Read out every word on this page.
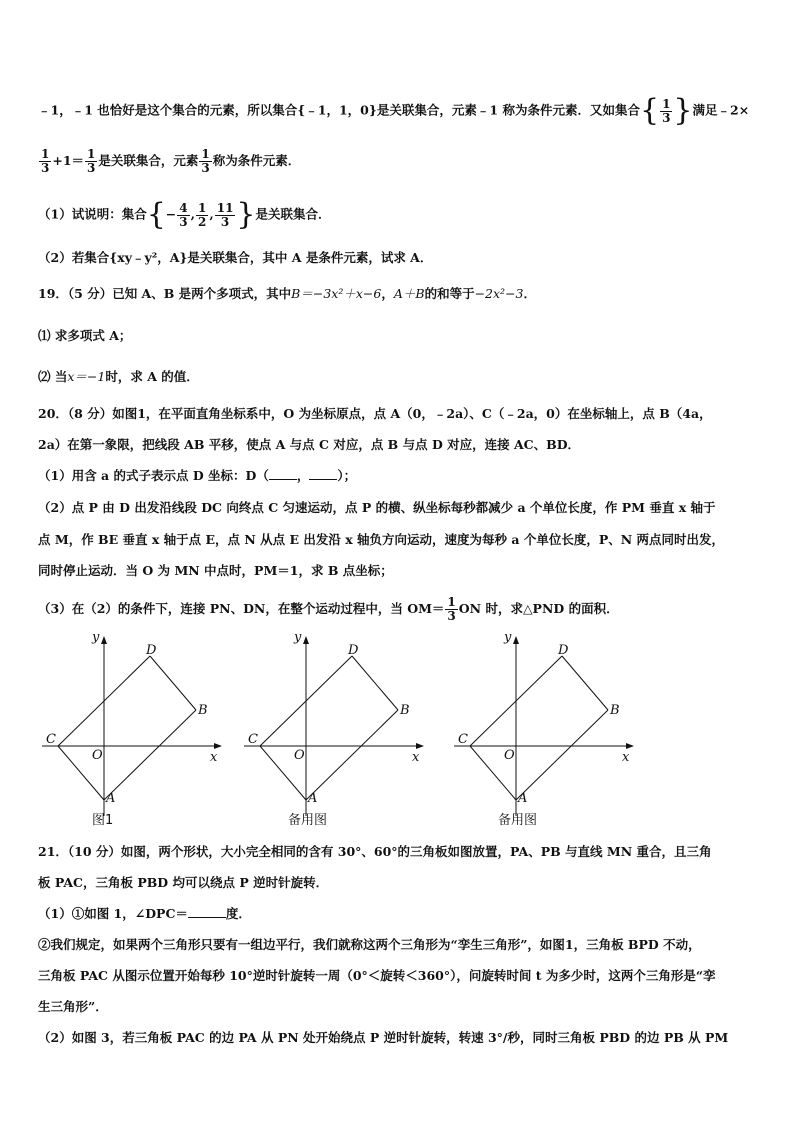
﹣1，﹣1 也恰好是这个集合的元素，所以集合{﹣1，1，0}是关联集合，元素﹣1 称为条件元素．又如集合{ $\frac{1}{3}$ }满足﹣2×
$\frac{1}{3} +1= \frac{1}{3}$ 是关联集合，元素 $\frac{1}{3}$ 称为条件元素．
（1）试说明：集合{− $\frac{4}{3}$ , $\frac{1}{2}$ , $\frac{11}{3}$ }是关联集合．
（2）若集合{xy﹣y²，A}是关联集合，其中 A 是条件元素，试求 A．
19．（5 分）已知 A、B 是两个多项式，其中B＝−3x²＋x−6，A＋B的和等于−2x²−3．
⑴ 求多项式 A；
⑵ 当x＝−1时，求 A 的值．
20．（8 分）如图1，在平面直角坐标系中，O 为坐标原点，点 A（0，﹣2a）、C（﹣2a，0）在坐标轴上，点 B（4a，
2a）在第一象限，把线段 AB 平移，使点 A 与点 C 对应，点 B 与点 D 对应，连接 AC、BD．
（1）用含 a 的式子表示点 D 坐标：D（ ， ）；
（2）点 P 由 D 出发沿线段 DC 向终点 C 匀速运动，点 P 的横、纵坐标每秒都减少 a 个单位长度，作 PM 垂直 x 轴于
点 M，作 BE 垂直 x 轴于点 E，点 N 从点 E 出发沿 x 轴负方向运动，速度为每秒 a 个单位长度，P、N 两点同时出发，
同时停止运动．当 O 为 MN 中点时，PM＝1，求 B 点坐标；
（3）在（2）的条件下，连接 PN、DN，在整个运动过程中，当 $OM= \frac{1}{3}$ ON 时，求△PND 的面积．
y
x
O
C
D
B
A
图1
y
x
O
C
D
B
A
备用图
y
x
O
C
D
B
A
备用图
21．（10 分）如图，两个形状，大小完全相同的含有 30°、60°的三角板如图放置，PA、PB 与直线 MN 重合，且三角
板 PAC，三角板 PBD 均可以绕点 P 逆时针旋转．
（1）①如图 1，∠DPC＝	度．
②我们规定，如果两个三角形只要有一组边平行，我们就称这两个三角形为“孪生三角形”，如图1，三角板 BPD 不动，
三角板 PAC 从图示位置开始每秒 10°逆时针旋转一周（0°＜旋转＜360°），问旋转时间 t 为多少时，这两个三角形是“孪
生三角形”．
（2）如图 3，若三角板 PAC 的边 PA 从 PN 处开始绕点 P 逆时针旋转，转速 3°/秒，同时三角板 PBD 的边 PB 从 PM
